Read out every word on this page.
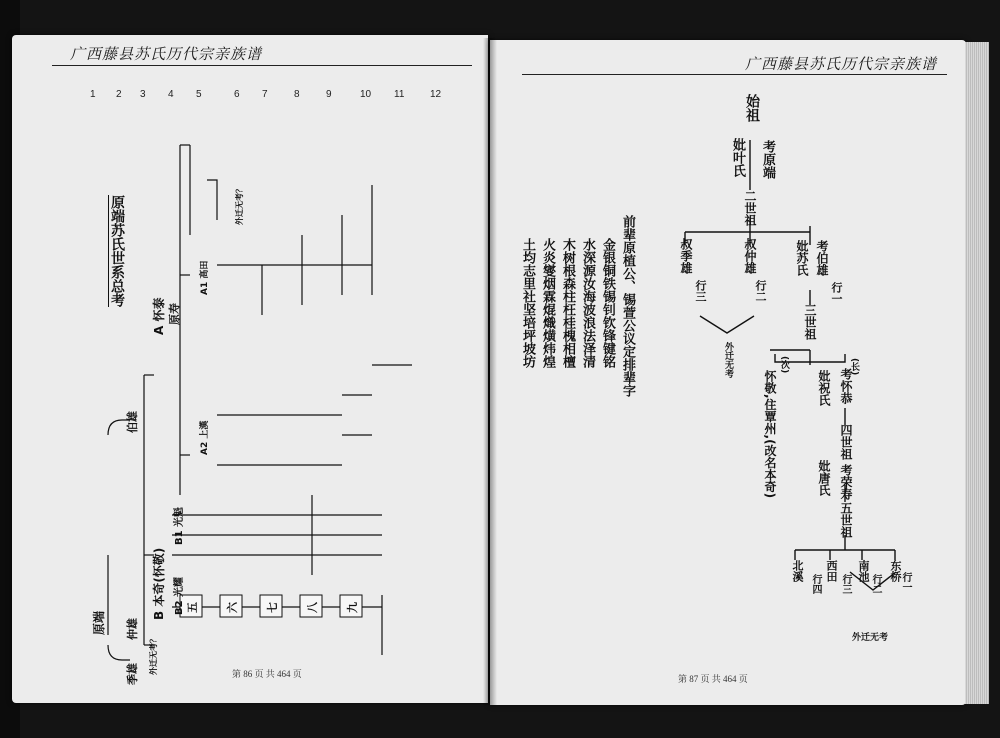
广西藤县苏氏历代宗亲族谱
1 2 3 4 5	6 7	8	9	10 11	12
原端苏氏世系总考
原端
伯雄
仲雄
季雄
A 怀泰 原寿
B 本奇(怀敬)
A1 高田
A2 上漢
B1 光魁
B2 光耀
外迁无考？
外迁无考？
五 六 七 八 九
第 86 页 共 464 页
广西藤县苏氏历代宗亲族谱
始祖
考原端
妣叶氏
二世祖
考伯雄
妣苏氏
叔仲雄
叔季雄
行一
行二
行三
外迁无考
三世祖
(长)
(次)
考怀恭
妣祝氏
怀敬,住覃州,(改名本奇)	四世祖
考荣寿
妣唐氏
五世祖
东桥
南池
西田
北溪	行一
行二
行三
行四
外迁无考
前辈原植公、锡萱公议定排辈字
金银铜铁锡钊钦锋键铭
水深源汝海波浪法泽清
木树根森柱枉桂槐相檀
火炎燮烟霖焜熾熿炜煌
土均志里社坚培坪坡坊
第 87 页 共 464 页
